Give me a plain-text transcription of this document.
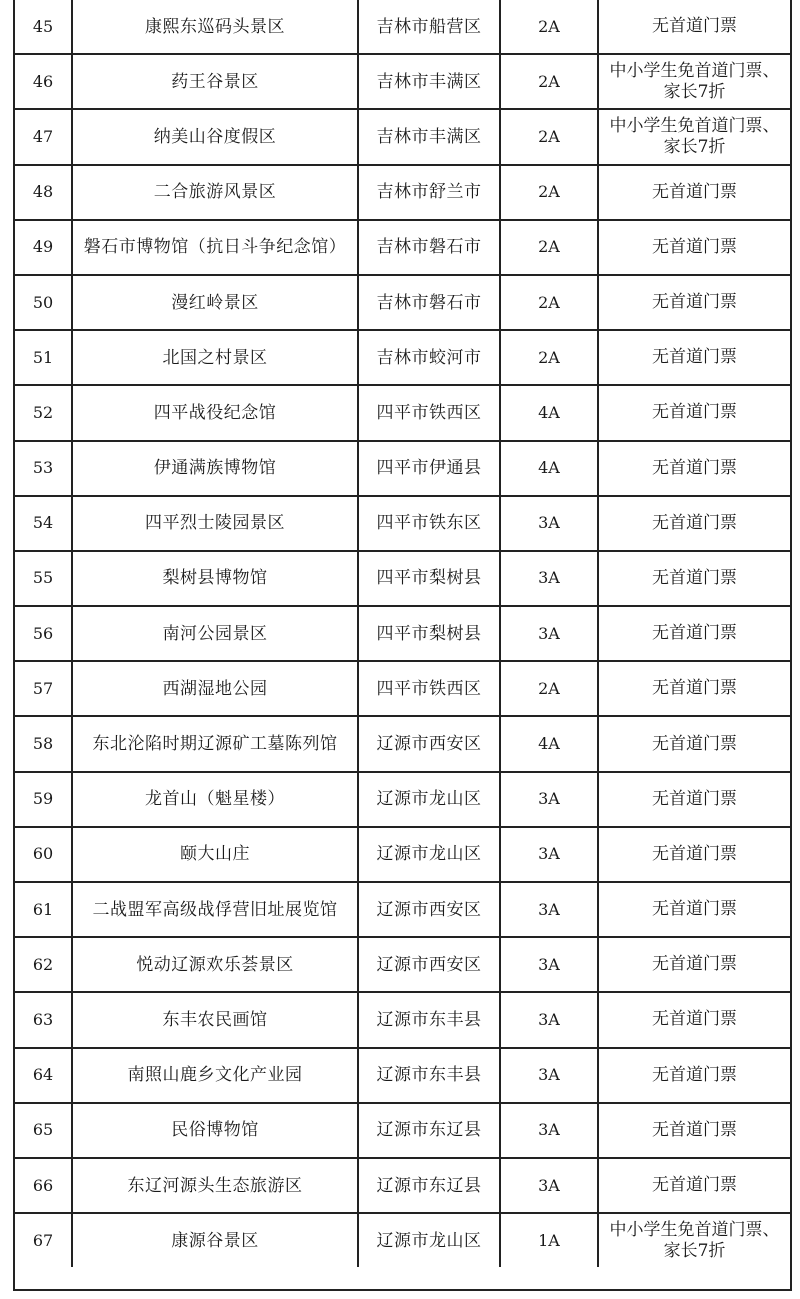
45	康熙东巡码头景区	吉林市船营区	2A	无首道门票
46	药王谷景区	吉林市丰满区	2A	中小学生免首道门票、家长7折
47	纳美山谷度假区	吉林市丰满区	2A	中小学生免首道门票、家长7折
48	二合旅游风景区	吉林市舒兰市	2A	无首道门票
49	磐石市博物馆（抗日斗争纪念馆）	吉林市磐石市	2A	无首道门票
50	漫红岭景区	吉林市磐石市	2A	无首道门票
51	北国之村景区	吉林市蛟河市	2A	无首道门票
52	四平战役纪念馆	四平市铁西区	4A	无首道门票
53	伊通满族博物馆	四平市伊通县	4A	无首道门票
54	四平烈士陵园景区	四平市铁东区	3A	无首道门票
55	梨树县博物馆	四平市梨树县	3A	无首道门票
56	南河公园景区	四平市梨树县	3A	无首道门票
57	西湖湿地公园	四平市铁西区	2A	无首道门票
58	东北沦陷时期辽源矿工墓陈列馆	辽源市西安区	4A	无首道门票
59	龙首山（魁星楼）	辽源市龙山区	3A	无首道门票
60	颐大山庄	辽源市龙山区	3A	无首道门票
61	二战盟军高级战俘营旧址展览馆	辽源市西安区	3A	无首道门票
62	悦动辽源欢乐荟景区	辽源市西安区	3A	无首道门票
63	东丰农民画馆	辽源市东丰县	3A	无首道门票
64	南照山鹿乡文化产业园	辽源市东丰县	3A	无首道门票
65	民俗博物馆	辽源市东辽县	3A	无首道门票
66	东辽河源头生态旅游区	辽源市东辽县	3A	无首道门票
67	康源谷景区	辽源市龙山区	1A	中小学生免首道门票、家长7折
